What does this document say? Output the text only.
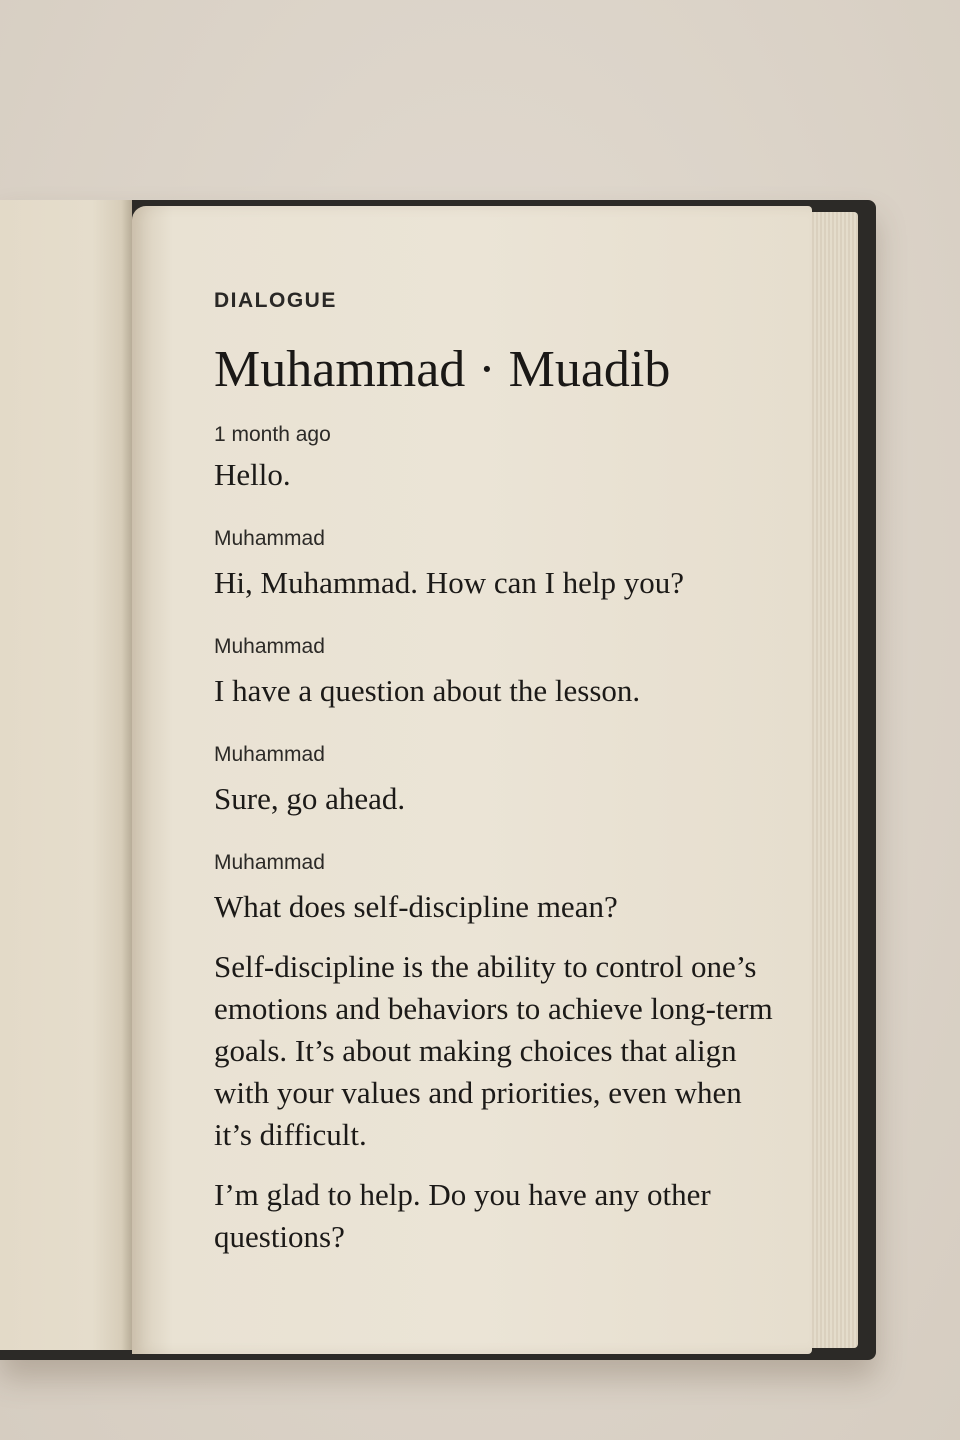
DIALOGUE
Muhammad · Muadib
1 month ago
Hello.
Muhammad
Hi, Muhammad. How can I help you?
Muhammad
I have a question about the lesson.
Muhammad
Sure, go ahead.
Muhammad
What does self-discipline mean?
Self-discipline is the ability to control one’s emotions and behaviors to achieve long-term goals. It’s about making choices that align with your values and priorities, even when it’s difficult.
I’m glad to help. Do you have any other questions?
